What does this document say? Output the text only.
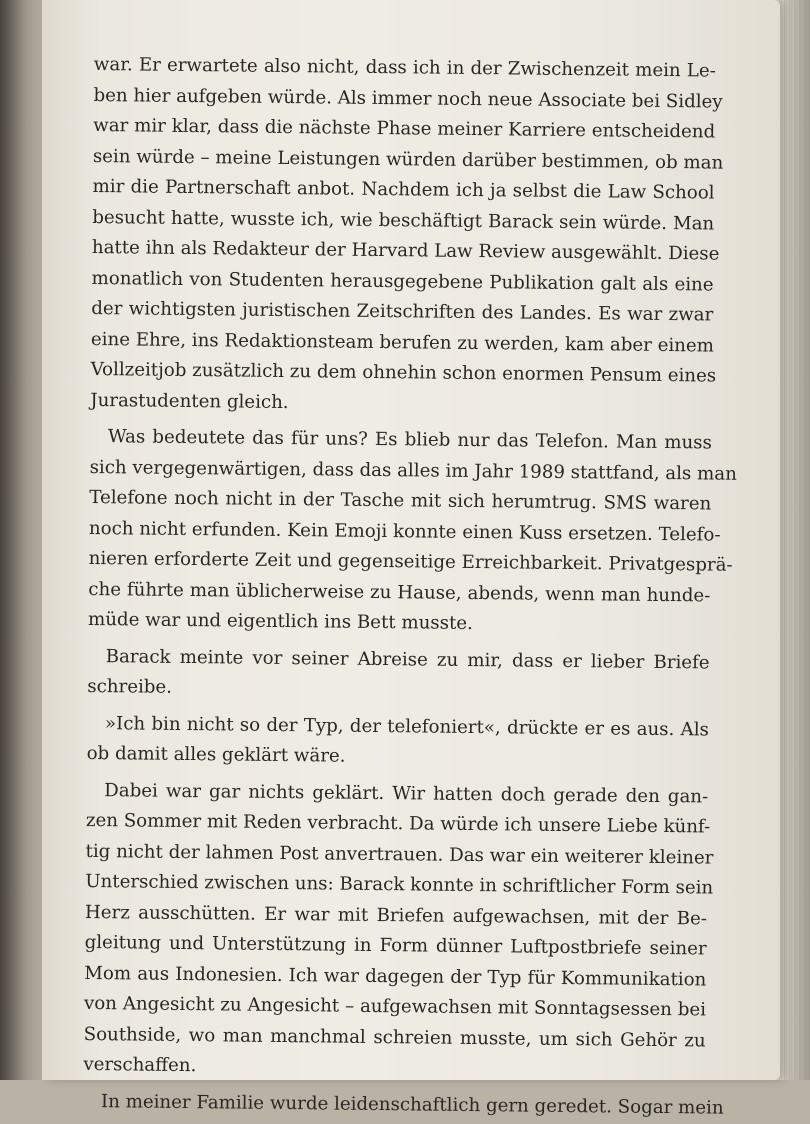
war. Er erwartete also nicht, dass ich in der Zwischenzeit mein Le-
ben hier aufgeben würde. Als immer noch neue Associate bei Sidley
war mir klar, dass die nächste Phase meiner Karriere entscheidend
sein würde – meine Leistungen würden darüber bestimmen, ob man
mir die Partnerschaft anbot. Nachdem ich ja selbst die Law School
besucht hatte, wusste ich, wie beschäftigt Barack sein würde. Man
hatte ihn als Redakteur der Harvard Law Review ausgewählt. Diese
monatlich von Studenten herausgegebene Publikation galt als eine
der wichtigsten juristischen Zeitschriften des Landes. Es war zwar
eine Ehre, ins Redaktionsteam berufen zu werden, kam aber einem
Vollzeitjob zusätzlich zu dem ohnehin schon enormen Pensum eines
Jurastudenten gleich.
Was bedeutete das für uns? Es blieb nur das Telefon. Man muss
sich vergegenwärtigen, dass das alles im Jahr 1989 stattfand, als man
Telefone noch nicht in der Tasche mit sich herumtrug. SMS waren
noch nicht erfunden. Kein Emoji konnte einen Kuss ersetzen. Telefo-
nieren erforderte Zeit und gegenseitige Erreichbarkeit. Privatgesprä-
che führte man üblicherweise zu Hause, abends, wenn man hunde-
müde war und eigentlich ins Bett musste.
Barack meinte vor seiner Abreise zu mir, dass er lieber Briefe
schreibe.
»Ich bin nicht so der Typ, der telefoniert«, drückte er es aus. Als
ob damit alles geklärt wäre.
Dabei war gar nichts geklärt. Wir hatten doch gerade den gan-
zen Sommer mit Reden verbracht. Da würde ich unsere Liebe künf-
tig nicht der lahmen Post anvertrauen. Das war ein weiterer kleiner
Unterschied zwischen uns: Barack konnte in schriftlicher Form sein
Herz ausschütten. Er war mit Briefen aufgewachsen, mit der Be-
gleitung und Unterstützung in Form dünner Luftpostbriefe seiner
Mom aus Indonesien. Ich war dagegen der Typ für Kommunikation
von Angesicht zu Angesicht – aufgewachsen mit Sonntagsessen bei
Southside, wo man manchmal schreien musste, um sich Gehör zu
verschaffen.
In meiner Familie wurde leidenschaftlich gern geredet. Sogar mein
